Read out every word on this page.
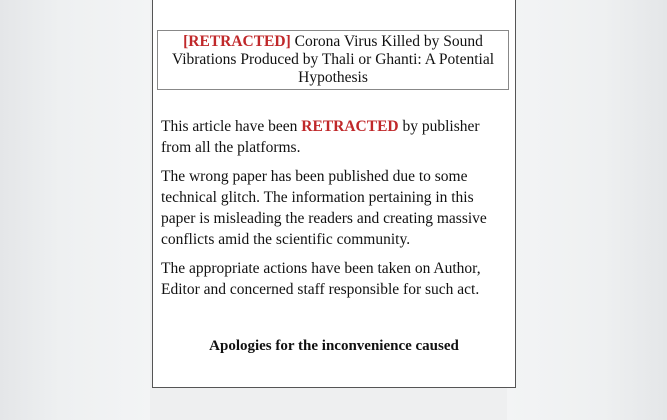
[RETRACTED] Corona Virus Killed by Sound Vibrations Produced by Thali or Ghanti: A Potential Hypothesis

This article have been RETRACTED by publisher from all the platforms.

The wrong paper has been published due to some technical glitch. The information pertaining in this paper is misleading the readers and creating massive conflicts amid the scientific community.

The appropriate actions have been taken on Author, Editor and concerned staff responsible for such act.

Apologies for the inconvenience caused
